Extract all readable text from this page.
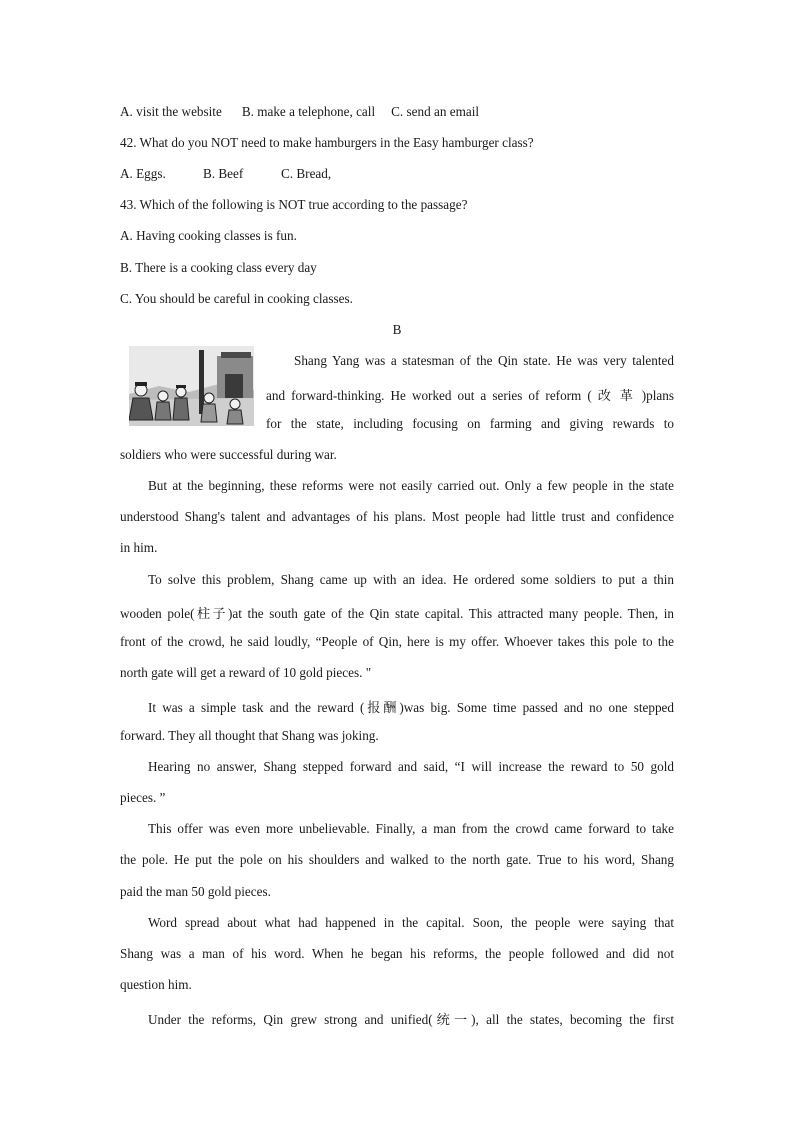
A. visit the website B. make a telephone, call C. send an email
42. What do you NOT need to make hamburgers in the Easy hamburger class?
A. Eggs.	B. Beef	C. Bread,
43. Which of the following is NOT true according to the passage?
A. Having cooking classes is fun.
B. There is a cooking class every day
C. You should be careful in cooking classes.
B
Shang Yang was a statesman of the Qin state. He was very talented
and forward-thinking. He worked out a series of reform ( 改 革 )plans
for the state, including focusing on farming and giving rewards to
soldiers who were successful during war.
But at the beginning, these reforms were not easily carried out. Only a few people in the state
understood Shang's talent and advantages of his plans. Most people had little trust and confidence
in him.
To solve this problem, Shang came up with an idea. He ordered some soldiers to put a thin
wooden pole(柱子)at the south gate of the Qin state capital. This attracted many people. Then, in
front of the crowd, he said loudly, “People of Qin, here is my offer. Whoever takes this pole to the
north gate will get a reward of 10 gold pieces. "
It was a simple task and the reward (报酬)was big. Some time passed and no one stepped
forward. They all thought that Shang was joking.
Hearing no answer, Shang stepped forward and said, “I will increase the reward to 50 gold
pieces. ”
This offer was even more unbelievable. Finally, a man from the crowd came forward to take
the pole. He put the pole on his shoulders and walked to the north gate. True to his word, Shang
paid the man 50 gold pieces.
Word spread about what had happened in the capital. Soon, the people were saying that
Shang was a man of his word. When he began his reforms, the people followed and did not
question him.
Under the reforms, Qin grew strong and unified(统一), all the states, becoming the first
